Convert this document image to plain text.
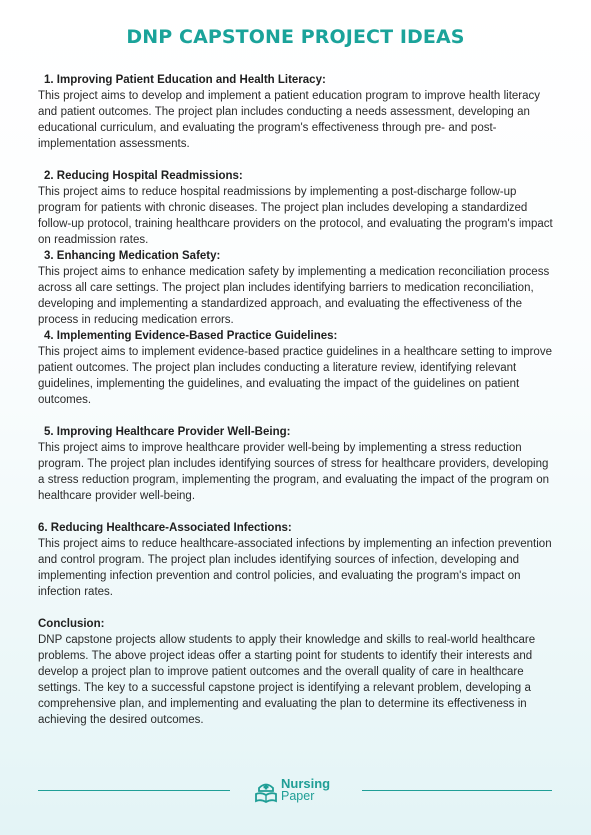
DNP CAPSTONE PROJECT IDEAS
1. Improving Patient Education and Health Literacy:

This project aims to develop and implement a patient education program to improve health literacy and patient outcomes. The project plan includes conducting a needs assessment, developing an educational curriculum, and evaluating the program's effectiveness through pre- and post-implementation assessments.

2. Reducing Hospital Readmissions:

This project aims to reduce hospital readmissions by implementing a post-discharge follow-up program for patients with chronic diseases. The project plan includes developing a standardized follow-up protocol, training healthcare providers on the protocol, and evaluating the program's impact on readmission rates.

3. Enhancing Medication Safety:

This project aims to enhance medication safety by implementing a medication reconciliation process across all care settings. The project plan includes identifying barriers to medication reconciliation, developing and implementing a standardized approach, and evaluating the effectiveness of the process in reducing medication errors.

4. Implementing Evidence-Based Practice Guidelines:

This project aims to implement evidence-based practice guidelines in a healthcare setting to improve patient outcomes. The project plan includes conducting a literature review, identifying relevant guidelines, implementing the guidelines, and evaluating the impact of the guidelines on patient outcomes.

5. Improving Healthcare Provider Well-Being:

This project aims to improve healthcare provider well-being by implementing a stress reduction program. The project plan includes identifying sources of stress for healthcare providers, developing a stress reduction program, implementing the program, and evaluating the impact of the program on healthcare provider well-being.

6. Reducing Healthcare-Associated Infections:

This project aims to reduce healthcare-associated infections by implementing an infection prevention and control program. The project plan includes identifying sources of infection, developing and implementing infection prevention and control policies, and evaluating the program's impact on infection rates.

Conclusion:

DNP capstone projects allow students to apply their knowledge and skills to real-world healthcare problems. The above project ideas offer a starting point for students to identify their interests and develop a project plan to improve patient outcomes and the overall quality of care in healthcare settings. The key to a successful capstone project is identifying a relevant problem, developing a comprehensive plan, and implementing and evaluating the plan to determine its effectiveness in achieving the desired outcomes.

Nursing
Paper
